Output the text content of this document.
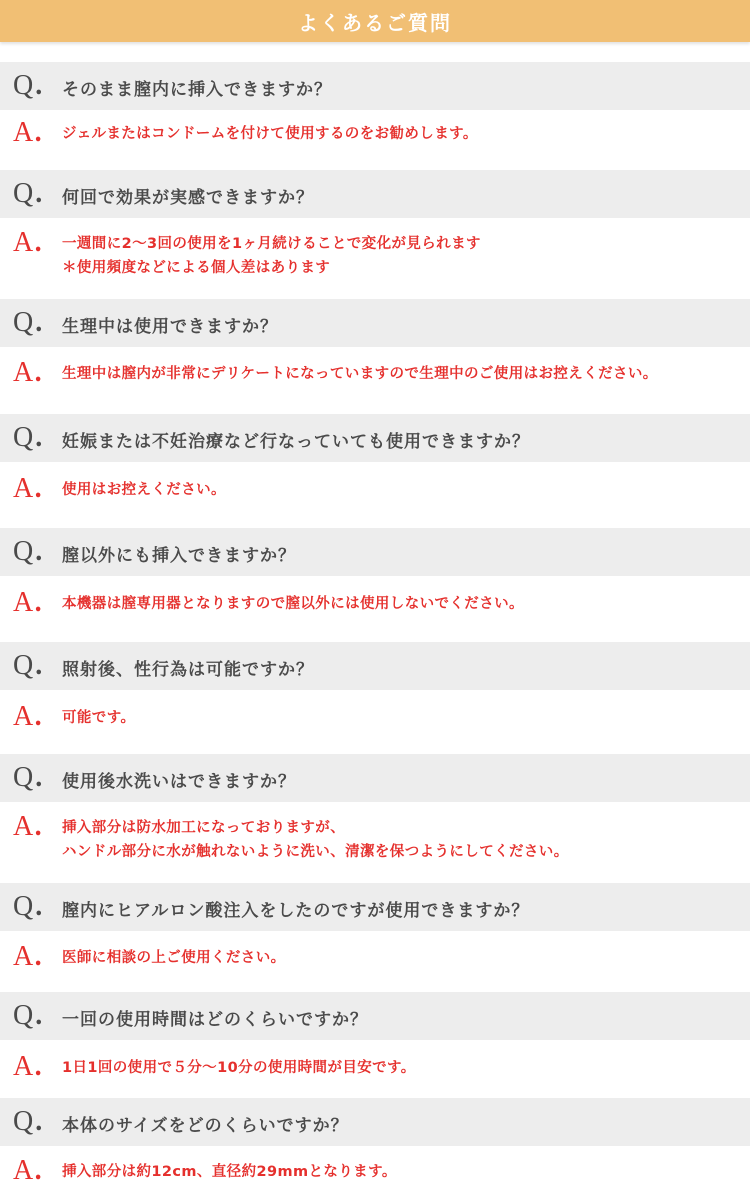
よくあるご質問
Q. そのまま膣内に挿入できますか？
A. ジェルまたはコンドームを付けて使用するのをお勧めします。
Q. 何回で効果が実感できますか？
A. 一週間に2～3回の使用を1ヶ月続けることで変化が見られます
＊使用頻度などによる個人差はあります
Q. 生理中は使用できますか？
A. 生理中は膣内が非常にデリケートになっていますので生理中のご使用はお控えください。
Q. 妊娠または不妊治療など行なっていても使用できますか？
A. 使用はお控えください。
Q. 膣以外にも挿入できますか？
A. 本機器は膣専用器となりますので膣以外には使用しないでください。
Q. 照射後、性行為は可能ですか？
A. 可能です。
Q. 使用後水洗いはできますか？
A. 挿入部分は防水加工になっておりますが、
ハンドル部分に水が触れないように洗い、清潔を保つようにしてください。
Q. 膣内にヒアルロン酸注入をしたのですが使用できますか？
A. 医師に相談の上ご使用ください。
Q. 一回の使用時間はどのくらいですか？
A. 1日1回の使用で５分～10分の使用時間が目安です。
Q. 本体のサイズをどのくらいですか？
A. 挿入部分は約12cm、直径約29mmとなります。
